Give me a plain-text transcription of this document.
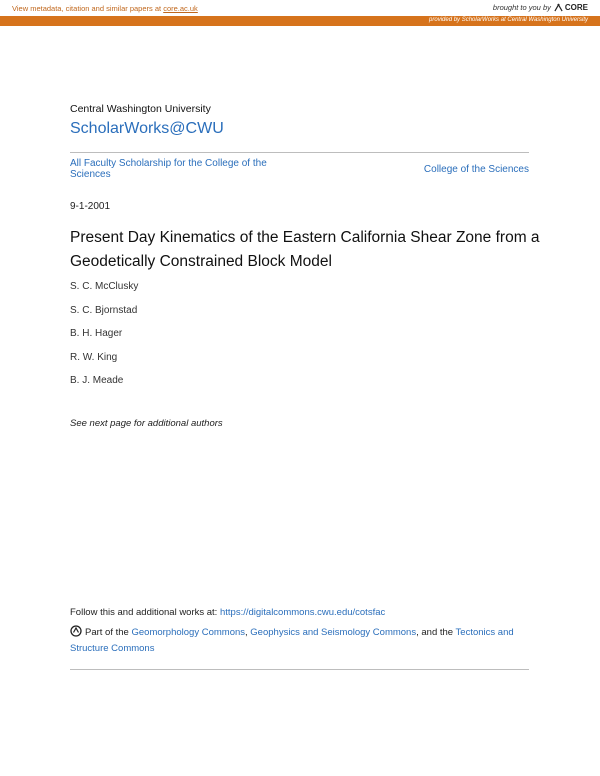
View metadata, citation and similar papers at core.ac.uk	brought to you by CORE
provided by ScholarWorks at Central Washington University
Central Washington University
ScholarWorks@CWU
All Faculty Scholarship for the College of the Sciences	College of the Sciences
9-1-2001
Present Day Kinematics of the Eastern California Shear Zone from a Geodetically Constrained Block Model
S. C. McClusky
S. C. Bjornstad
B. H. Hager
R. W. King
B. J. Meade
See next page for additional authors
Follow this and additional works at: https://digitalcommons.cwu.edu/cotsfac
Part of the Geomorphology Commons, Geophysics and Seismology Commons, and the Tectonics and Structure Commons
